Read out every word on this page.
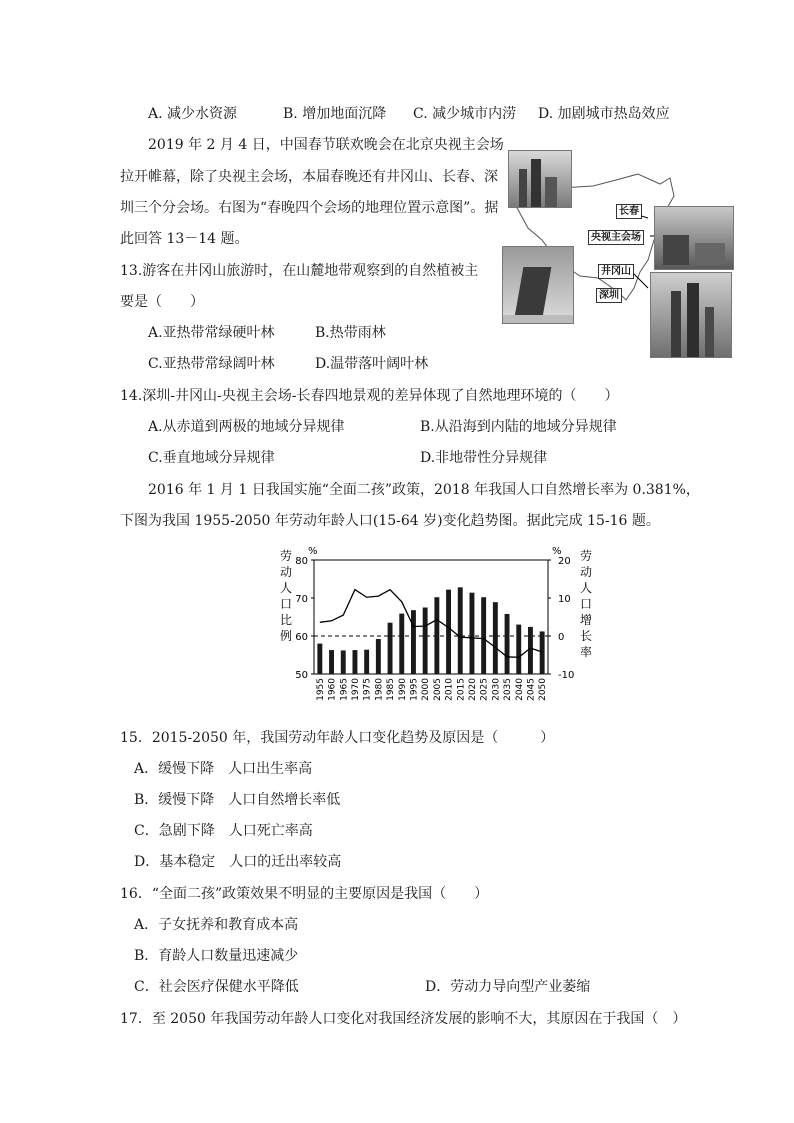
A. 减少水资源	B. 增加地面沉降 C. 减少城市内涝 D. 加剧城市热岛效应
2019 年 2 月 4 日，中国春节联欢晚会在北京央视主会场
拉开帷幕，除了央视主会场，本届春晚还有井冈山、长春、深
圳三个分会场。右图为“春晚四个会场的地理位置示意图”。据
此回答 13－14 题。
长春
央视主会场
井冈山
深圳
13.游客在井冈山旅游时，在山麓地带观察到的自然植被主
要是（　　）
A.亚热带常绿硬叶林	B.热带雨林
C.亚热带常绿阔叶林	D.温带落叶阔叶林
14.深圳-井冈山-央视主会场-长春四地景观的差异体现了自然地理环境的（　　）
A.从赤道到两极的地域分异规律	B.从沿海到内陆的地域分异规律
C.垂直地域分异规律	D.非地带性分异规律
2016 年 1 月 1 日我国实施“全面二孩”政策，2018 年我国人口自然增长率为 0.381%，
下图为我国 1955-2050 年劳动年龄人口(15-64 岁)变化趋势图。据此完成 15-16 题。
%	%
80
70
60
50
20
10
0
-10
劳
动
人
口
比
例
劳
动
人
口
增
长
率
1955 1960 1965 1970 1975 1980 1985 1990 1995 2000 2005 2010 2015 2020 2025 2030 2035 2040 2045 2050
15．2015-2050 年，我国劳动年龄人口变化趋势及原因是（　　　）
A．缓慢下降　人口出生率高
B．缓慢下降　人口自然增长率低
C．急剧下降　人口死亡率高
D．基本稳定　人口的迁出率较高
16．“全面二孩”政策效果不明显的主要原因是我国（　　）
A．子女抚养和教育成本高
B．育龄人口数量迅速减少
C．社会医疗保健水平降低	D．劳动力导向型产业萎缩
17．至 2050 年我国劳动年龄人口变化对我国经济发展的影响不大，其原因在于我国（　）
